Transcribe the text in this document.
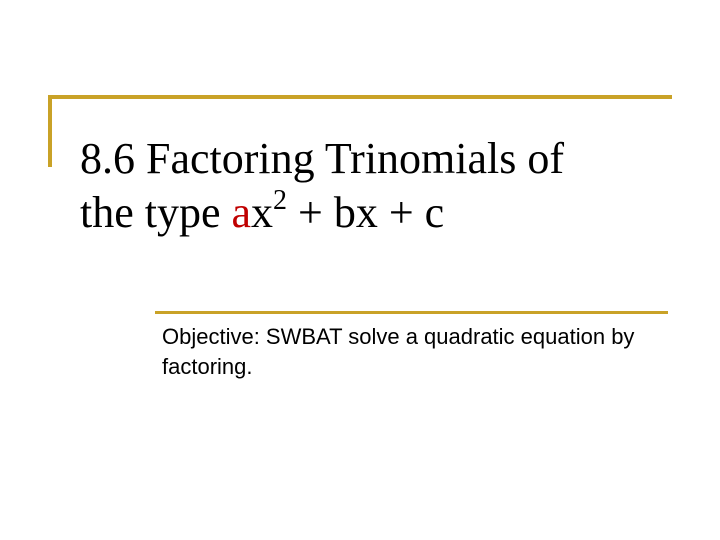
8.6 Factoring Trinomials of
the type $ax^2$ + bx + c

Objective: SWBAT solve a quadratic equation by factoring.
